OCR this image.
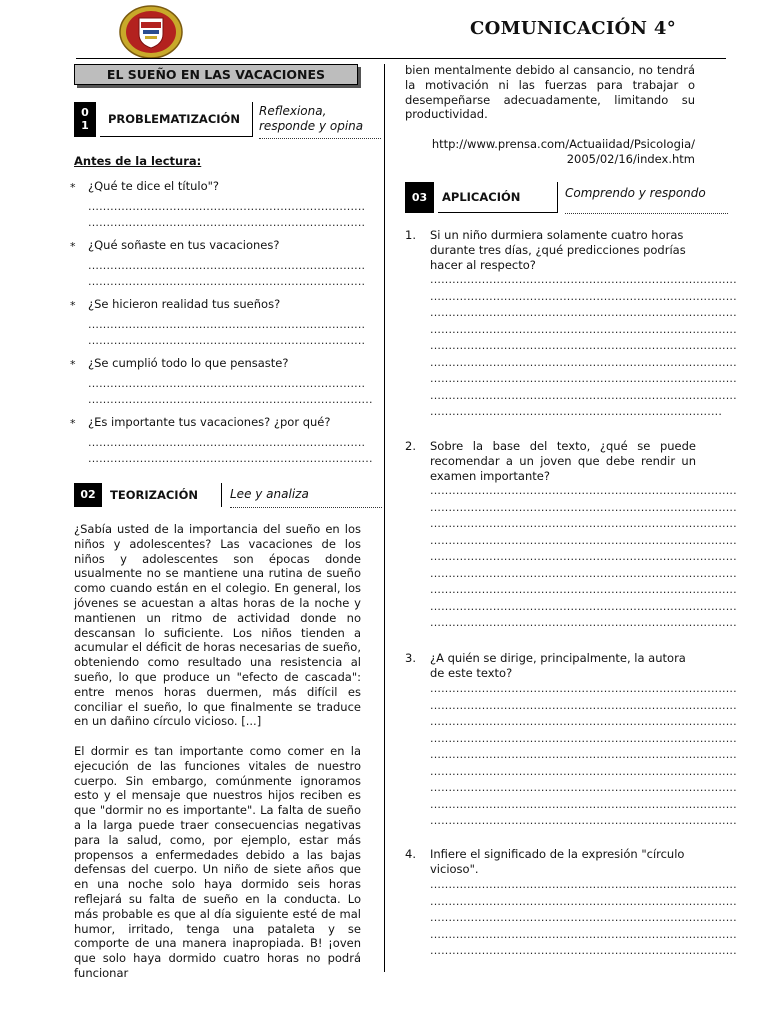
COMUNICACIÓN 4°
EL SUEÑO EN LAS VACACIONES
0
1	PROBLEMATIZACIÓN
Reflexiona, responde y opina
Antes de la lectura:
* ¿Qué te dice el título"?
...........................................................................
...........................................................................
* ¿Qué soñaste en tus vacaciones?
...........................................................................
...........................................................................
* ¿Se hicieron realidad tus sueños?
...........................................................................
...........................................................................
* ¿Se cumplió todo lo que pensaste?
...........................................................................
.............................................................................
* ¿Es importante tus vacaciones? ¿por qué?
...........................................................................
.............................................................................
02	TEORIZACIÓN	Lee y analiza
¿Sabía usted de la importancia del sueño en los niños y adolescentes? Las vacaciones de los niños y adolescentes son épocas donde usualmente no se mantiene una rutina de sueño como cuando están en el colegio. En general, los jóvenes se acuestan a altas horas de la noche y mantienen un ritmo de actividad donde no descansan lo suficiente. Los niños tienden a acumular el déficit de horas necesarias de sueño, obteniendo como resultado una resistencia al sueño, lo que produce un "efecto de cascada": entre menos horas duermen, más difícil es conciliar el sueño, lo que finalmente se traduce en un dañino círculo vicioso. [...]
El dormir es tan importante como comer en la ejecución de las funciones vitales de nuestro cuerpo. Sin embargo, comúnmente ignoramos esto y el mensaje que nuestros hijos reciben es que "dormir no es importante". La falta de sueño a la larga puede traer consecuencias negativas para la salud, como, por ejemplo, estar más propensos a enfermedades debido a las bajas defensas del cuerpo. Un niño de siete años que en una noche solo haya dormido seis horas reflejará su falta de sueño en la conducta. Lo más probable es que al día siguiente esté de mal humor, irritado, tenga una pataleta y se comporte de una manera inapropiada. B! ¡oven que solo haya dormido cuatro horas no podrá funcionar
bien mentalmente debido al cansancio, no tendrá la motivación ni las fuerzas para trabajar o desempeñarse adecuadamente, limitando su productividad.
http://www.prensa.com/Actuaiidad/PsicoIogia/
2005/02/16/index.htm
03	APLICACIÓN	Comprendo y respondo
1. Si un niño durmiera solamente cuatro horas durante tres días, ¿qué predicciones podrías hacer al respecto?
...................................................................................
...................................................................................
...................................................................................
...................................................................................
...................................................................................
...................................................................................
...................................................................................
...................................................................................
...............................................................................
2. Sobre la base del texto, ¿qué se puede recomendar a un joven que debe rendir un examen importante?
...................................................................................
...................................................................................
...................................................................................
...................................................................................
...................................................................................
...................................................................................
...................................................................................
...................................................................................
...................................................................................
3. ¿A quién se dirige, principalmente, la autora de este texto?
...................................................................................
...................................................................................
...................................................................................
...................................................................................
...................................................................................
...................................................................................
...................................................................................
...................................................................................
...................................................................................
4. Infiere el significado de la expresión "círculo vicioso".
...................................................................................
...................................................................................
...................................................................................
...................................................................................
...................................................................................
